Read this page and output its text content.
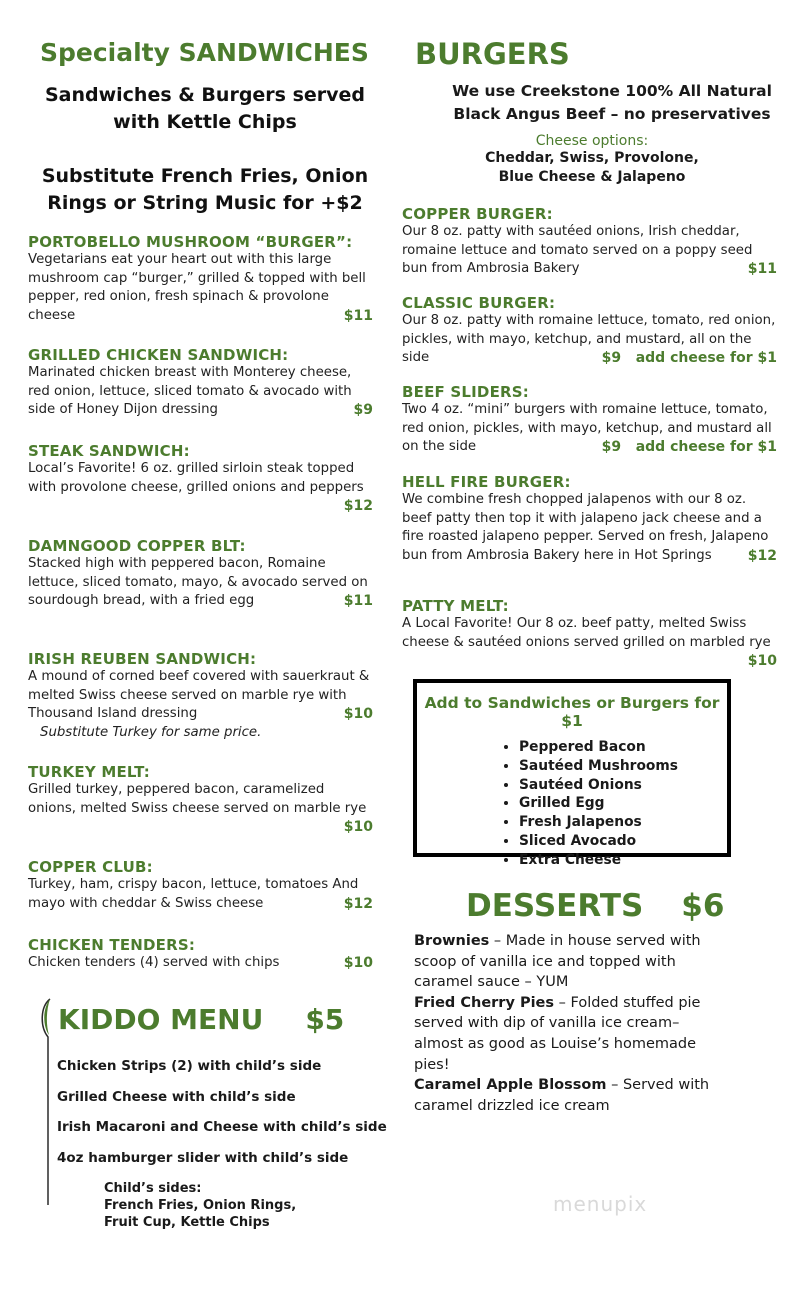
Specialty SANDWICHES
Sandwiches & Burgers served with Kettle Chips
Substitute French Fries, Onion Rings or String Music for +$2
PORTOBELLO MUSHROOM “BURGER”:
Vegetarians eat your heart out with this large mushroom cap “burger,” grilled & topped with bell pepper, red onion, fresh spinach & provolone cheese	$11
GRILLED CHICKEN SANDWICH:
Marinated chicken breast with Monterey cheese, red onion, lettuce, sliced tomato & avocado with side of Honey Dijon dressing	$9
STEAK SANDWICH:
Local’s Favorite! 6 oz. grilled sirloin steak topped with provolone cheese, grilled onions and peppers
$12
DAMNGOOD COPPER BLT:
Stacked high with peppered bacon, Romaine lettuce, sliced tomato, mayo, & avocado served on sourdough bread, with a fried egg	$11
IRISH REUBEN SANDWICH:
A mound of corned beef covered with sauerkraut & melted Swiss cheese served on marble rye with Thousand Island dressing	$10
Substitute Turkey for same price.
TURKEY MELT:
Grilled turkey, peppered bacon, caramelized onions, melted Swiss cheese served on marble rye
$10
COPPER CLUB:
Turkey, ham, crispy bacon, lettuce, tomatoes And mayo with cheddar & Swiss cheese	$12
CHICKEN TENDERS:
Chicken tenders (4) served with chips	$10
KIDDO MENU $5
Chicken Strips (2) with child’s side
Grilled Cheese with child’s side
Irish Macaroni and Cheese with child’s side
4oz hamburger slider with child’s side
Child’s sides:
French Fries, Onion Rings,
Fruit Cup, Kettle Chips
BURGERS
We use Creekstone 100% All Natural
Black Angus Beef – no preservatives
Cheese options:
Cheddar, Swiss, Provolone,
Blue Cheese & Jalapeno
COPPER BURGER:
Our 8 oz. patty with sautéed onions, Irish cheddar, romaine lettuce and tomato served on a poppy seed bun from Ambrosia Bakery	$11
CLASSIC BURGER:
Our 8 oz. patty with romaine lettuce, tomato, red onion, pickles, with mayo, ketchup, and mustard, all on the side	$9   add cheese for $1
BEEF SLIDERS:
Two 4 oz. “mini” burgers with romaine lettuce, tomato, red onion, pickles, with mayo, ketchup, and mustard all on the side	$9   add cheese for $1
HELL FIRE BURGER:
We combine fresh chopped jalapenos with our 8 oz. beef patty then top it with jalapeno jack cheese and a fire roasted jalapeno pepper. Served on fresh, Jalapeno bun from Ambrosia Bakery here in Hot Springs	$12
PATTY MELT:
A Local Favorite! Our 8 oz. beef patty, melted Swiss cheese & sautéed onions served grilled on marbled rye
$10
Add to Sandwiches or Burgers for $1
• Peppered Bacon
• Sautéed Mushrooms
• Sautéed Onions
• Grilled Egg
• Fresh Jalapenos
• Sliced Avocado
• Extra Cheese
DESSERTS $6
Brownies – Made in house served with scoop of vanilla ice and topped with caramel sauce – YUM
Fried Cherry Pies – Folded stuffed pie served with dip of vanilla ice cream– almost as good as Louise’s homemade pies!
Caramel Apple Blossom – Served with caramel drizzled ice cream
menupix
